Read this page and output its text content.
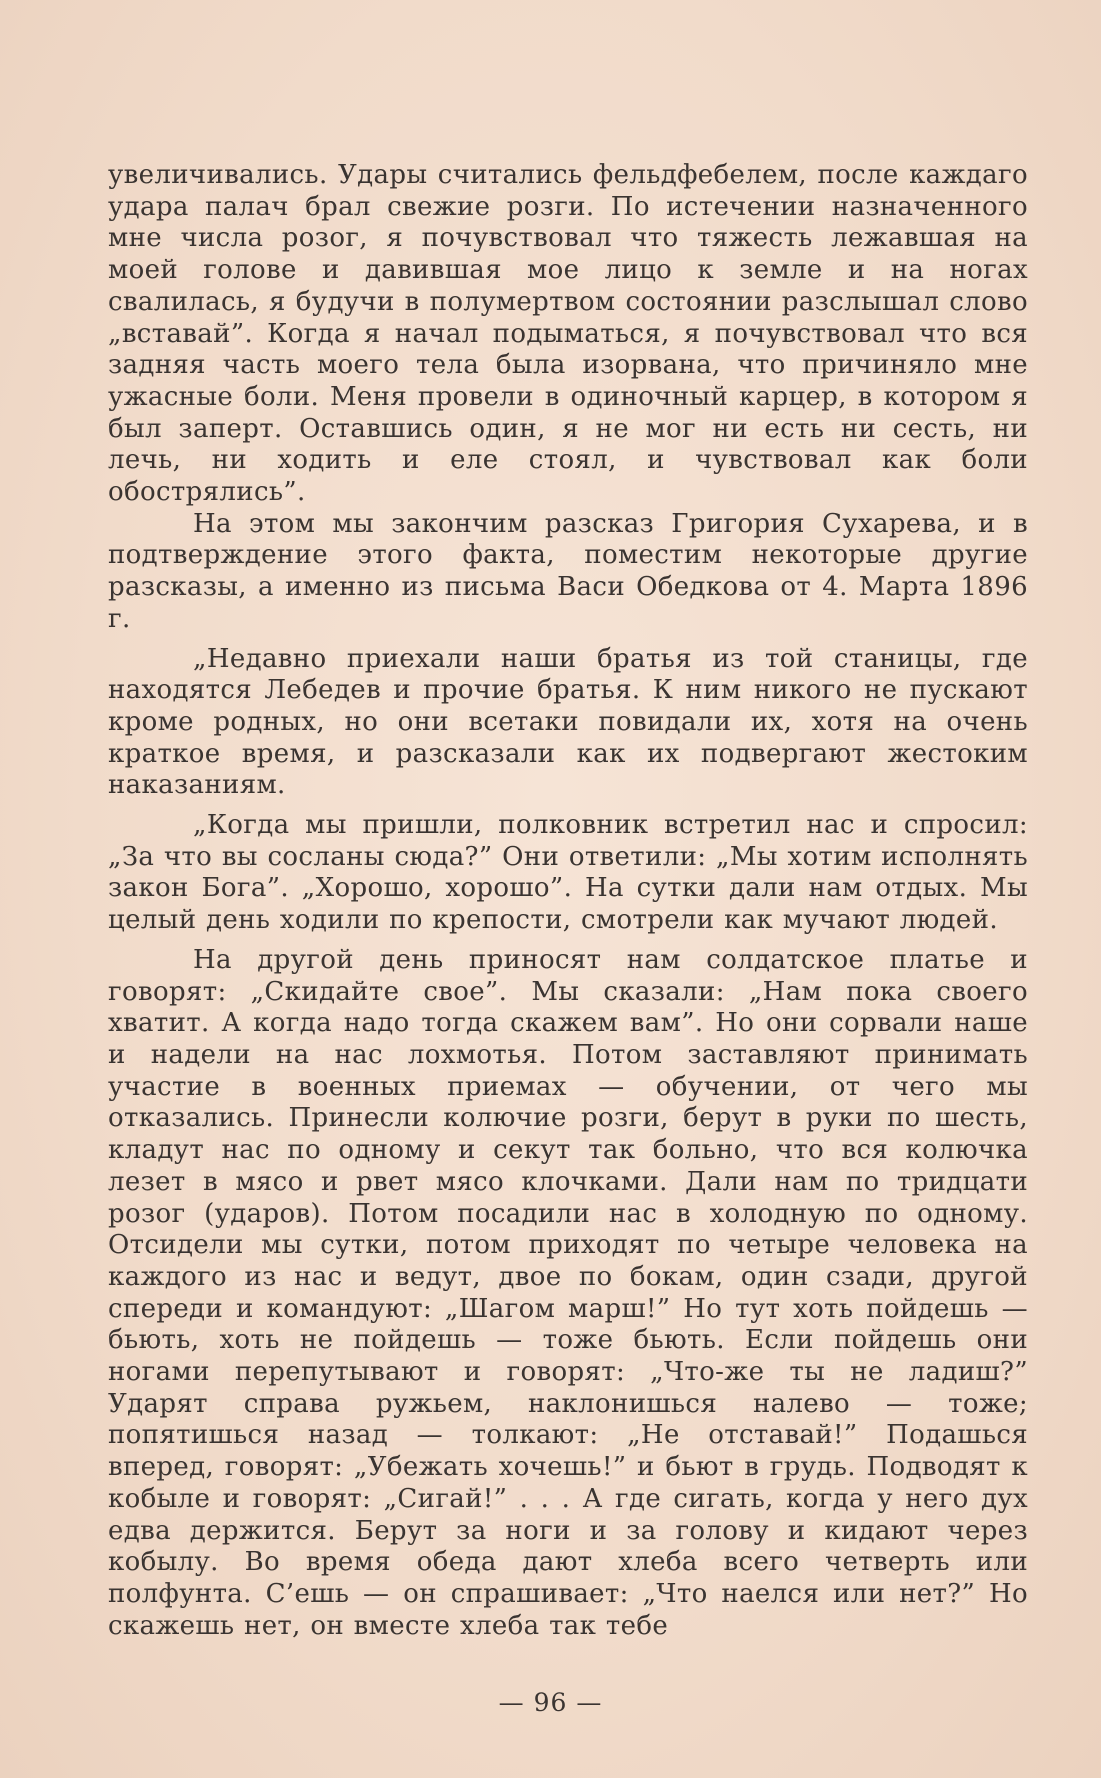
увеличивались. Удары считались фельдфебелем, после каждаго удара палач брал свежие розги. По истечении назначенного мне числа розог, я почувствовал что тяжесть лежавшая на моей голове и давившая мое лицо к земле и на ногах свалилась, я будучи в полумертвом состоянии разслышал слово „вставай”. Когда я начал подыматься, я почувствовал что вся задняя часть моего тела была изорвана, что причиняло мне ужасные боли. Меня провели в одиночный карцер, в котором я был заперт. Оставшись один, я не мог ни есть ни сесть, ни лечь, ни ходить и еле стоял, и чувствовал как боли обострялись”.

На этом мы закончим разсказ Григория Сухарева, и в подтверждение этого факта, поместим некоторые другие разсказы, а именно из письма Васи Обедкова от 4. Марта 1896 г.

„Недавно приехали наши братья из той станицы, где находятся Лебедев и прочие братья. К ним никого не пускают кроме родных, но они всетаки повидали их, хотя на очень краткое время, и разсказали как их подвергают жестоким наказаниям.

„Когда мы пришли, полковник встретил нас и спросил: „За что вы сосланы сюда?” Они ответили: „Мы хотим исполнять закон Бога”. „Хорошо, хорошо”. На сутки дали нам отдых. Мы целый день ходили по крепости, смотрели как мучают людей.

На другой день приносят нам солдатское платье и говорят: „Скидайте свое”. Мы сказали: „Нам пока своего хватит. А когда надо тогда скажем вам”. Но они сорвали наше и надели на нас лохмотья. Потом заставляют принимать участие в военных приемах — обучении, от чего мы отказались. Принесли колючие розги, берут в руки по шесть, кладут нас по одному и секут так больно, что вся колючка лезет в мясо и рвет мясо клочками. Дали нам по тридцати розог (ударов). Потом посадили нас в холодную по одному. Отсидели мы сутки, потом приходят по четыре человека на каждого из нас и ведут, двое по бокам, один сзади, другой спереди и командуют: „Шагом марш!” Но тут хоть пойдешь — бьють, хоть не пойдешь — тоже бьють. Если пойдешь они ногами перепутывают и говорят: „Что-же ты не ладиш?” Ударят справа ружьем, наклонишься налево — тоже; попятишься назад — толкают: „Не отставай!” Подашься вперед, говорят: „Убежать хочешь!” и бьют в грудь. Подводят к кобыле и говорят: „Сигай!” . . . А где сигать, когда у него дух едва держится. Берут за ноги и за голову и кидают через кобылу. Во время обеда дают хлеба всего четверть или полфунта. С’ешь — он спрашивает: „Что наелся или нет?” Но скажешь нет, он вместе хлеба так тебе

— 96 —
